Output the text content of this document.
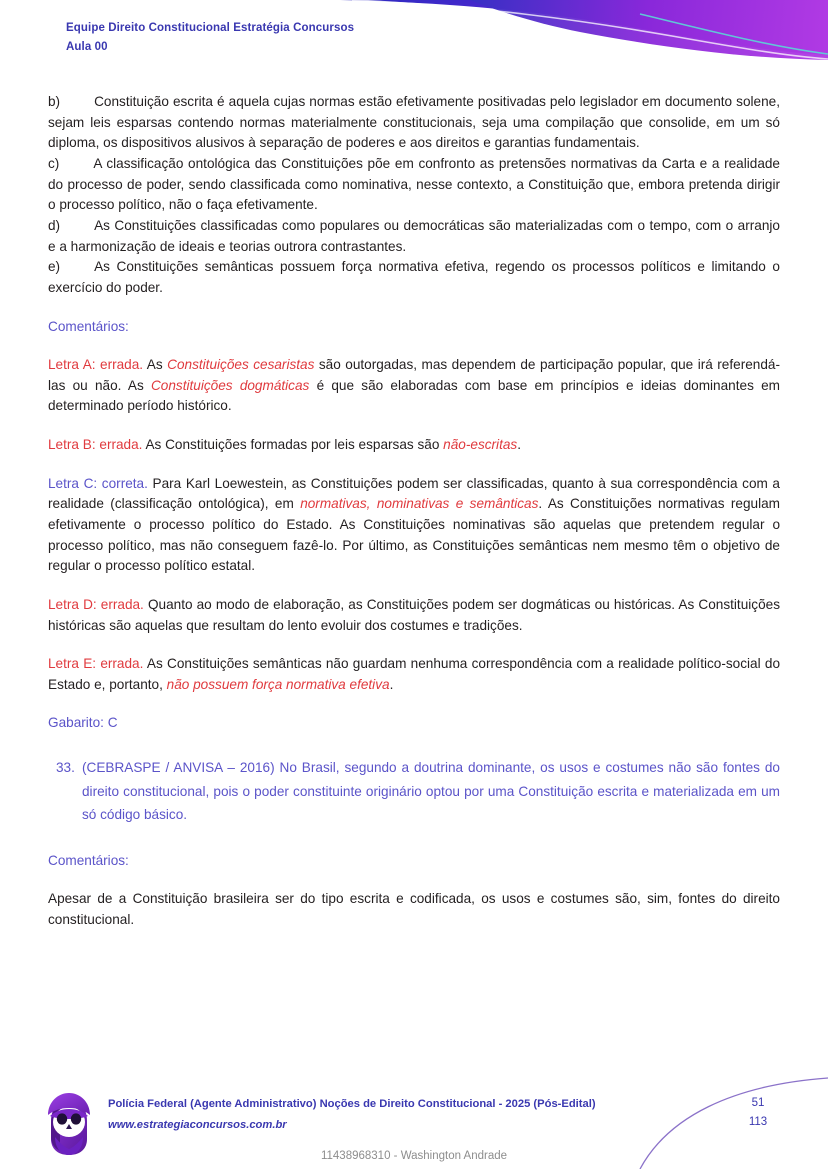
Equipe Direito Constitucional Estratégia Concursos
Aula 00

b)	Constituição escrita é aquela cujas normas estão efetivamente positivadas pelo legislador em documento solene, sejam leis esparsas contendo normas materialmente constitucionais, seja uma compilação que consolide, em um só diploma, os dispositivos alusivos à separação de poderes e aos direitos e garantias fundamentais.

c)	A classificação ontológica das Constituições põe em confronto as pretensões normativas da Carta e a realidade do processo de poder, sendo classificada como nominativa, nesse contexto, a Constituição que, embora pretenda dirigir o processo político, não o faça efetivamente.

d)	As Constituições classificadas como populares ou democráticas são materializadas com o tempo, com o arranjo e a harmonização de ideais e teorias outrora contrastantes.

e)	As Constituições semânticas possuem força normativa efetiva, regendo os processos políticos e limitando o exercício do poder.

Comentários:
Letra A: errada. As Constituições cesaristas são outorgadas, mas dependem de participação popular, que irá referendá-las ou não. As Constituições dogmáticas é que são elaboradas com base em princípios e ideias dominantes em determinado período histórico.
Letra B: errada. As Constituições formadas por leis esparsas são não-escritas.
Letra C: correta. Para Karl Loewestein, as Constituições podem ser classificadas, quanto à sua correspondência com a realidade (classificação ontológica), em normativas, nominativas e semânticas. As Constituições normativas regulam efetivamente o processo político do Estado. As Constituições nominativas são aquelas que pretendem regular o processo político, mas não conseguem fazê-lo. Por último, as Constituições semânticas nem mesmo têm o objetivo de regular o processo político estatal.
Letra D: errada. Quanto ao modo de elaboração, as Constituições podem ser dogmáticas ou históricas. As Constituições históricas são aquelas que resultam do lento evoluir dos costumes e tradições.
Letra E: errada. As Constituições semânticas não guardam nenhuma correspondência com a realidade político-social do Estado e, portanto, não possuem força normativa efetiva.
Gabarito: C
33. (CEBRASPE / ANVISA – 2016) No Brasil, segundo a doutrina dominante, os usos e costumes não são fontes do direito constitucional, pois o poder constituinte originário optou por uma Constituição escrita e materializada em um só código básico.
Comentários:
Apesar de a Constituição brasileira ser do tipo escrita e codificada, os usos e costumes são, sim, fontes do direito constitucional.
Polícia Federal (Agente Administrativo) Noções de Direito Constitucional - 2025 (Pós-Edital)
www.estrategiaconcursos.com.br
51
113
11438968310 - Washington Andrade
